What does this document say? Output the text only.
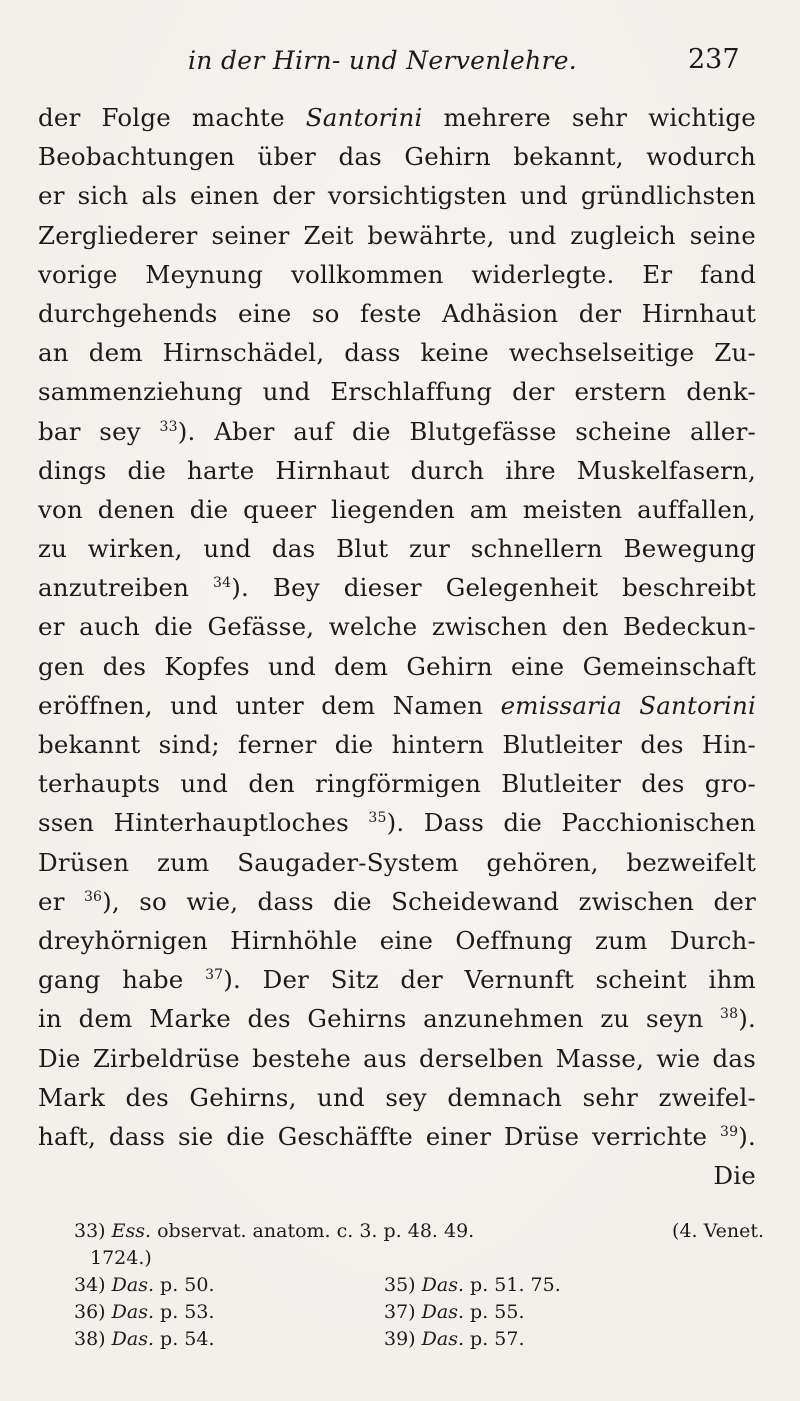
in der Hirn- und Nervenlehre.	237
der Folge machte Santorini mehrere sehr wichtige
Beobachtungen über das Gehirn bekannt, wodurch
er sich als einen der vorsichtigsten und gründlichsten
Zergliederer seiner Zeit bewährte, und zugleich seine
vorige Meynung vollkommen widerlegte. Er fand
durchgehends eine so feste Adhäsion der Hirnhaut
an dem Hirnschädel, dass keine wechselseitige Zu-
sammenziehung und Erschlaffung der erstern denk-
bar sey $^{33}$). Aber auf die Blutgefässe scheine aller-
dings die harte Hirnhaut durch ihre Muskelfasern,
von denen die queer liegenden am meisten auffallen,
zu wirken, und das Blut zur schnellern Bewegung
anzutreiben $^{34}$). Bey dieser Gelegenheit beschreibt
er auch die Gefässe, welche zwischen den Bedeckun-
gen des Kopfes und dem Gehirn eine Gemeinschaft
eröffnen, und unter dem Namen emissaria Santorini
bekannt sind; ferner die hintern Blutleiter des Hin-
terhaupts und den ringförmigen Blutleiter des gro-
ssen Hinterhauptloches $^{35}$). Dass die Pacchionischen
Drüsen zum Saugader-System gehören, bezweifelt
er $^{36}$), so wie, dass die Scheidewand zwischen der
dreyhörnigen Hirnhöhle eine Oeffnung zum Durch-
gang habe $^{37}$). Der Sitz der Vernunft scheint ihm
in dem Marke des Gehirns anzunehmen zu seyn $^{38}$).
Die Zirbeldrüse bestehe aus derselben Masse, wie das
Mark des Gehirns, und sey demnach sehr zweifel-
haft, dass sie die Geschäffte einer Drüse verrichte $^{39}$).
Die
33) Ess. observat. anatom. c. 3. p. 48. 49.	(4. Venet.
1724.)
34) Das. p. 50.	35) Das. p. 51. 75.
36) Das. p. 53.	37) Das. p. 55.
38) Das. p. 54.	39) Das. p. 57.
